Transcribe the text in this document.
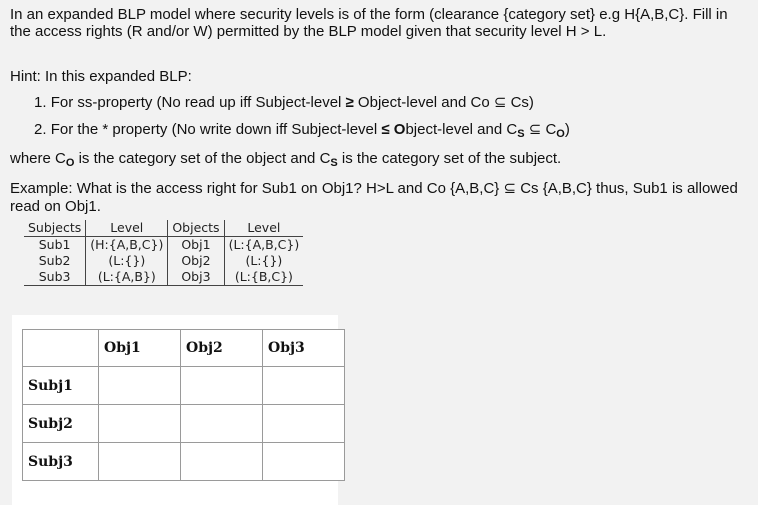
In an expanded BLP model where security levels is of the form (clearance {category set} e.g H{A,B,C}. Fill in the access rights (R and/or W) permitted by the BLP model given that security level H > L.
Hint: In this expanded BLP:
1. For ss-property (No read up iff Subject-level ≥ Object-level and Co ⊆ Cs)
2. For the * property (No write down iff Subject-level ≤ Object-level and $C_S$ ⊆ $C_O$)
where $C_O$ is the category set of the object and $C_S$ is the category set of the subject.
Example: What is the access right for Sub1 on Obj1? H>L and Co {A,B,C} ⊆ Cs {A,B,C} thus, Sub1 is allowed read on Obj1.
Subjects	Level	Objects	Level
Sub1	(H:{A,B,C})	Obj1	(L:{A,B,C})
Sub2	(L:{})	Obj2	(L:{})
Sub3	(L:{A,B})	Obj3	(L:{B,C})
	Obj1	Obj2	Obj3
Subj1			
Subj2			
Subj3			
